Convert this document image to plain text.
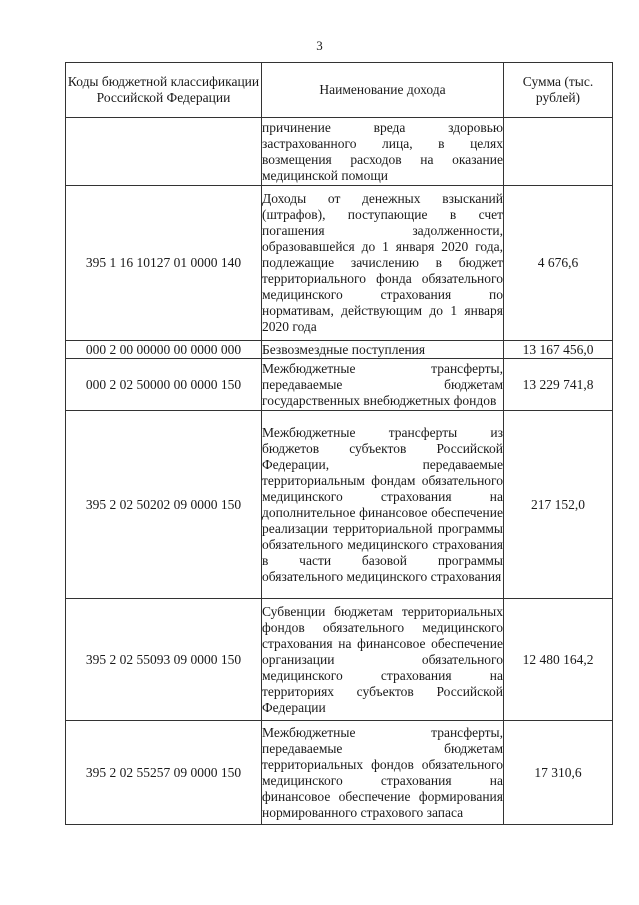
3
Коды бюджетной классификации Российской Федерации	Наименование дохода	Сумма (тыс. рублей)

	причинение вреда здоровью застрахованного лица, в целях возмещения расходов на оказание медицинской помощи	

395 1 16 10127 01 0000 140	Доходы от денежных взысканий (штрафов), поступающие в счет погашения задолженности, образовавшейся до 1 января 2020 года, подлежащие зачислению в бюджет территориального фонда обязательного медицинского страхования по нормативам, действующим до 1 января 2020 года	4 676,6
000 2 00 00000 00 0000 000	Безвозмездные поступления	13 167 456,0
000 2 02 50000 00 0000 150	Межбюджетные трансферты, передаваемые бюджетам государственных внебюджетных фондов	13 229 741,8
395 2 02 50202 09 0000 150	Межбюджетные трансферты из бюджетов субъектов Российской Федерации, передаваемые территориальным фондам обязательного медицинского страхования на дополнительное финансовое обеспечение реализации территориальной программы обязательного медицинского страхования в части базовой программы обязательного медицинского страхования	217 152,0
395 2 02 55093 09 0000 150	Субвенции бюджетам территориальных фондов обязательного медицинского страхования на финансовое обеспечение организации обязательного медицинского страхования на территориях субъектов Российской Федерации	12 480 164,2
395 2 02 55257 09 0000 150	Межбюджетные трансферты, передаваемые бюджетам территориальных фондов обязательного медицинского страхования на финансовое обеспечение формирования нормированного страхового запаса	17 310,6
